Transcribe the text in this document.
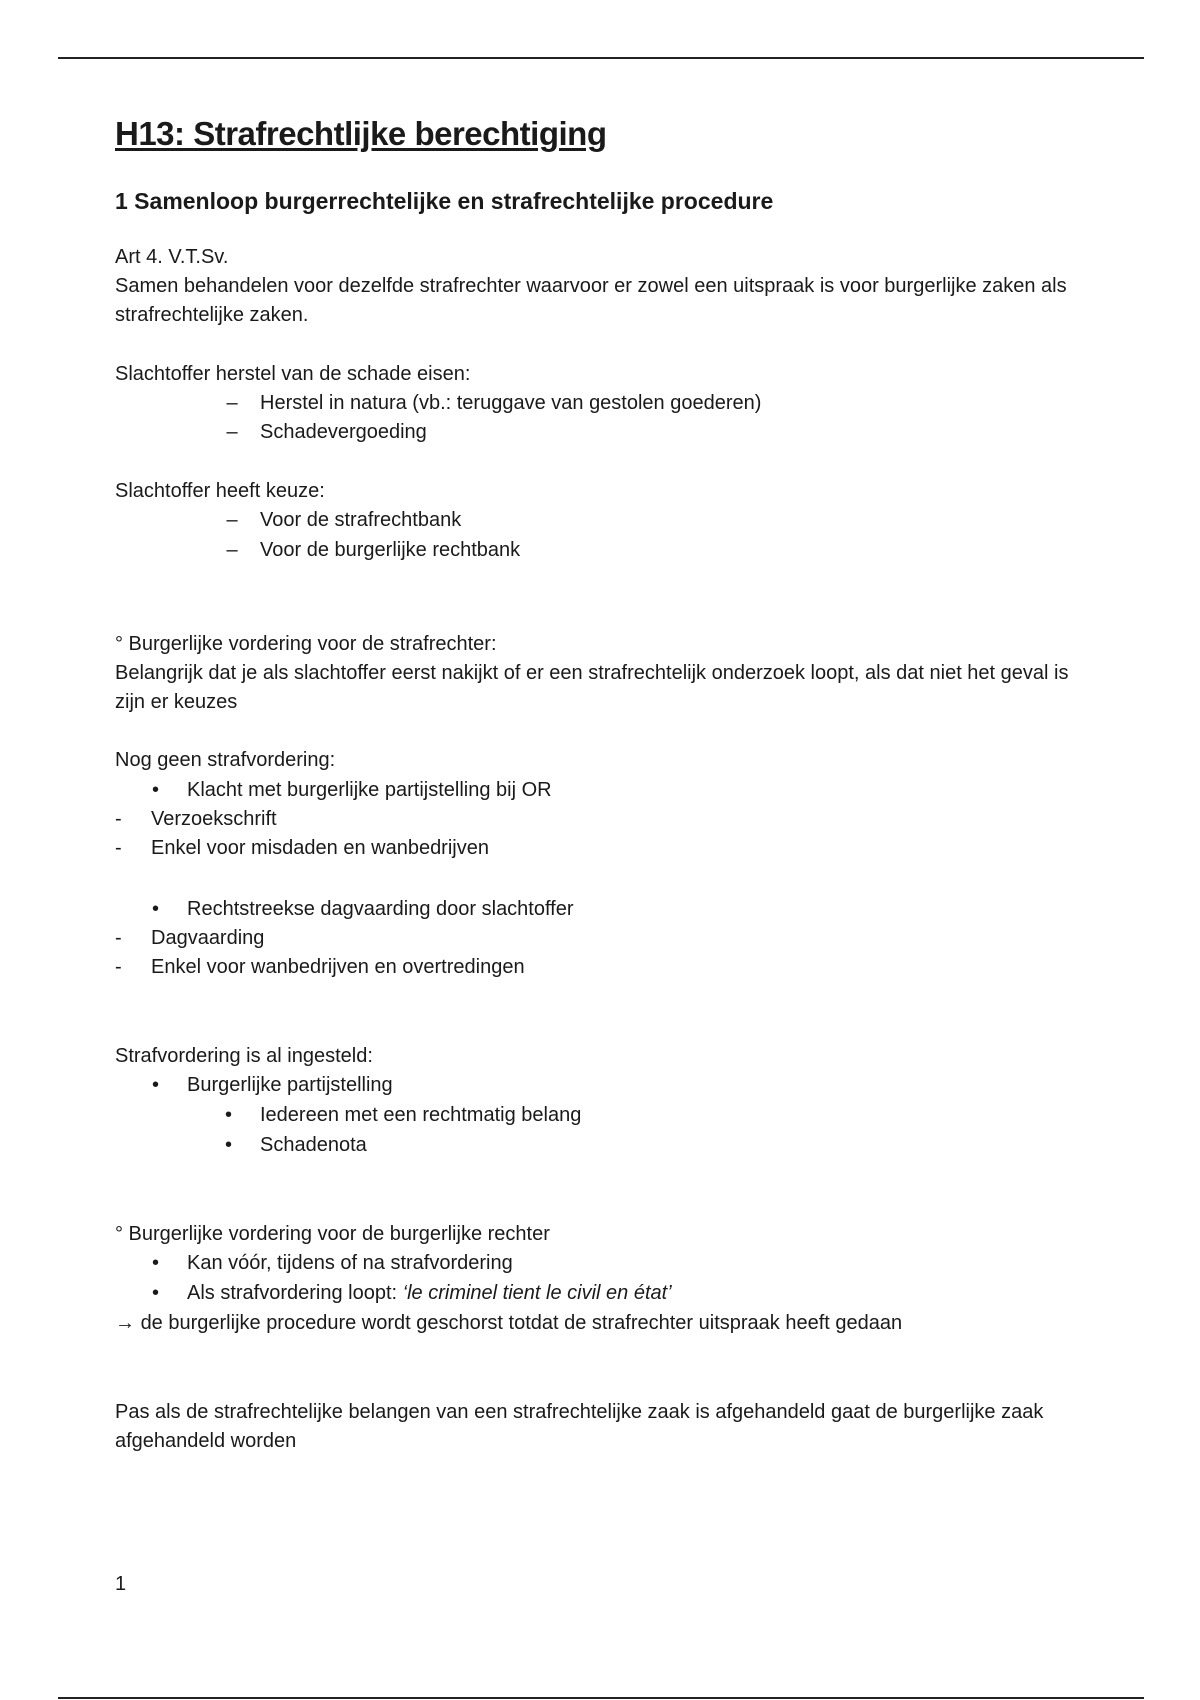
H13: Strafrechtlijke berechtiging
1 Samenloop burgerrechtelijke en strafrechtelijke procedure
Art 4. V.T.Sv.
Samen behandelen voor dezelfde strafrechter waarvoor er zowel een uitspraak is voor burgerlijke zaken als strafrechtelijke zaken.
Slachtoffer herstel van de schade eisen:
– Herstel in natura (vb.: teruggave van gestolen goederen)
– Schadevergoeding
Slachtoffer heeft keuze:
– Voor de strafrechtbank
– Voor de burgerlijke rechtbank
° Burgerlijke vordering voor de strafrechter:
Belangrijk dat je als slachtoffer eerst nakijkt of er een strafrechtelijk onderzoek loopt, als dat niet het geval is zijn er keuzes
Nog geen strafvordering:
• Klacht met burgerlijke partijstelling bij OR
- Verzoekschrift
- Enkel voor misdaden en wanbedrijven
• Rechtstreekse dagvaarding door slachtoffer
- Dagvaarding
- Enkel voor wanbedrijven en overtredingen
Strafvordering is al ingesteld:
• Burgerlijke partijstelling
• Iedereen met een rechtmatig belang
• Schadenota
° Burgerlijke vordering voor de burgerlijke rechter
• Kan vóór, tijdens of na strafvordering
• Als strafvordering loopt: ‘le criminel tient le civil en état’
→ de burgerlijke procedure wordt geschorst totdat de strafrechter uitspraak heeft gedaan
Pas als de strafrechtelijke belangen van een strafrechtelijke zaak is afgehandeld gaat de burgerlijke zaak afgehandeld worden
1
